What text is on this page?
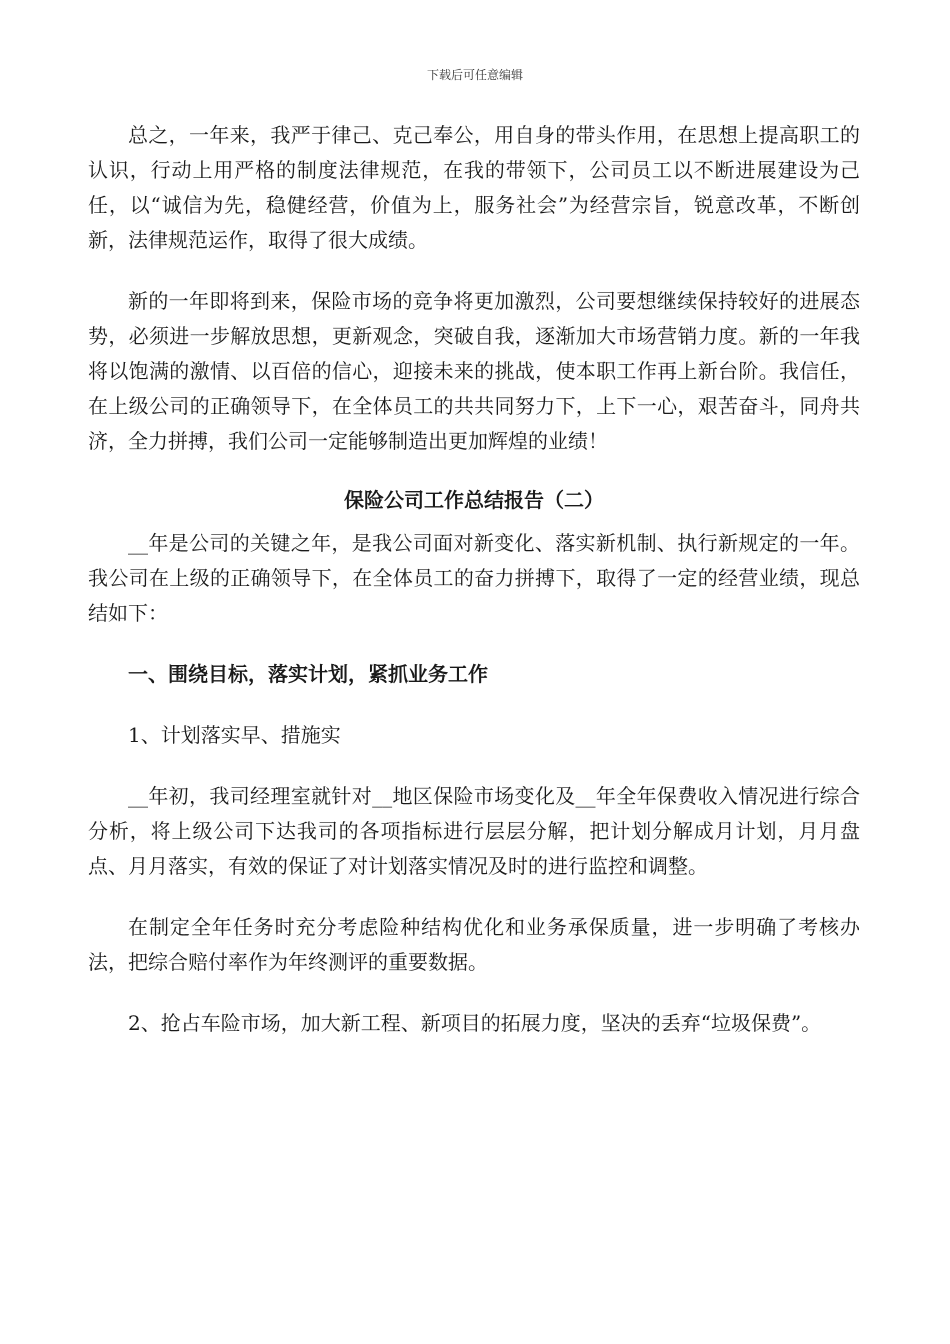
下载后可任意编辑

总之，一年来，我严于律己、克己奉公，用自身的带头作用，在思想上提高职工的认识，行动上用严格的制度法律规范，在我的带领下，公司员工以不断进展建设为己任，以“诚信为先，稳健经营，价值为上，服务社会”为经营宗旨，锐意改革，不断创新，法律规范运作，取得了很大成绩。

新的一年即将到来，保险市场的竞争将更加激烈，公司要想继续保持较好的进展态势，必须进一步解放思想，更新观念，突破自我，逐渐加大市场营销力度。新的一年我将以饱满的激情、以百倍的信心，迎接未来的挑战，使本职工作再上新台阶。我信任，在上级公司的正确领导下，在全体员工的共共同努力下，上下一心，艰苦奋斗，同舟共济，全力拼搏，我们公司一定能够制造出更加辉煌的业绩！

保险公司工作总结报告（二）

__年是公司的关键之年，是我公司面对新变化、落实新机制、执行新规定的一年。我公司在上级的正确领导下，在全体员工的奋力拼搏下，取得了一定的经营业绩，现总结如下：

一、围绕目标，落实计划，紧抓业务工作

1、计划落实早、措施实

__年初，我司经理室就针对__地区保险市场变化及__年全年保费收入情况进行综合分析，将上级公司下达我司的各项指标进行层层分解，把计划分解成月计划，月月盘点、月月落实，有效的保证了对计划落实情况及时的进行监控和调整。

在制定全年任务时充分考虑险种结构优化和业务承保质量，进一步明确了考核办法，把综合赔付率作为年终测评的重要数据。

2、抢占车险市场，加大新工程、新项目的拓展力度，坚决的丢弃“垃圾保费”。
